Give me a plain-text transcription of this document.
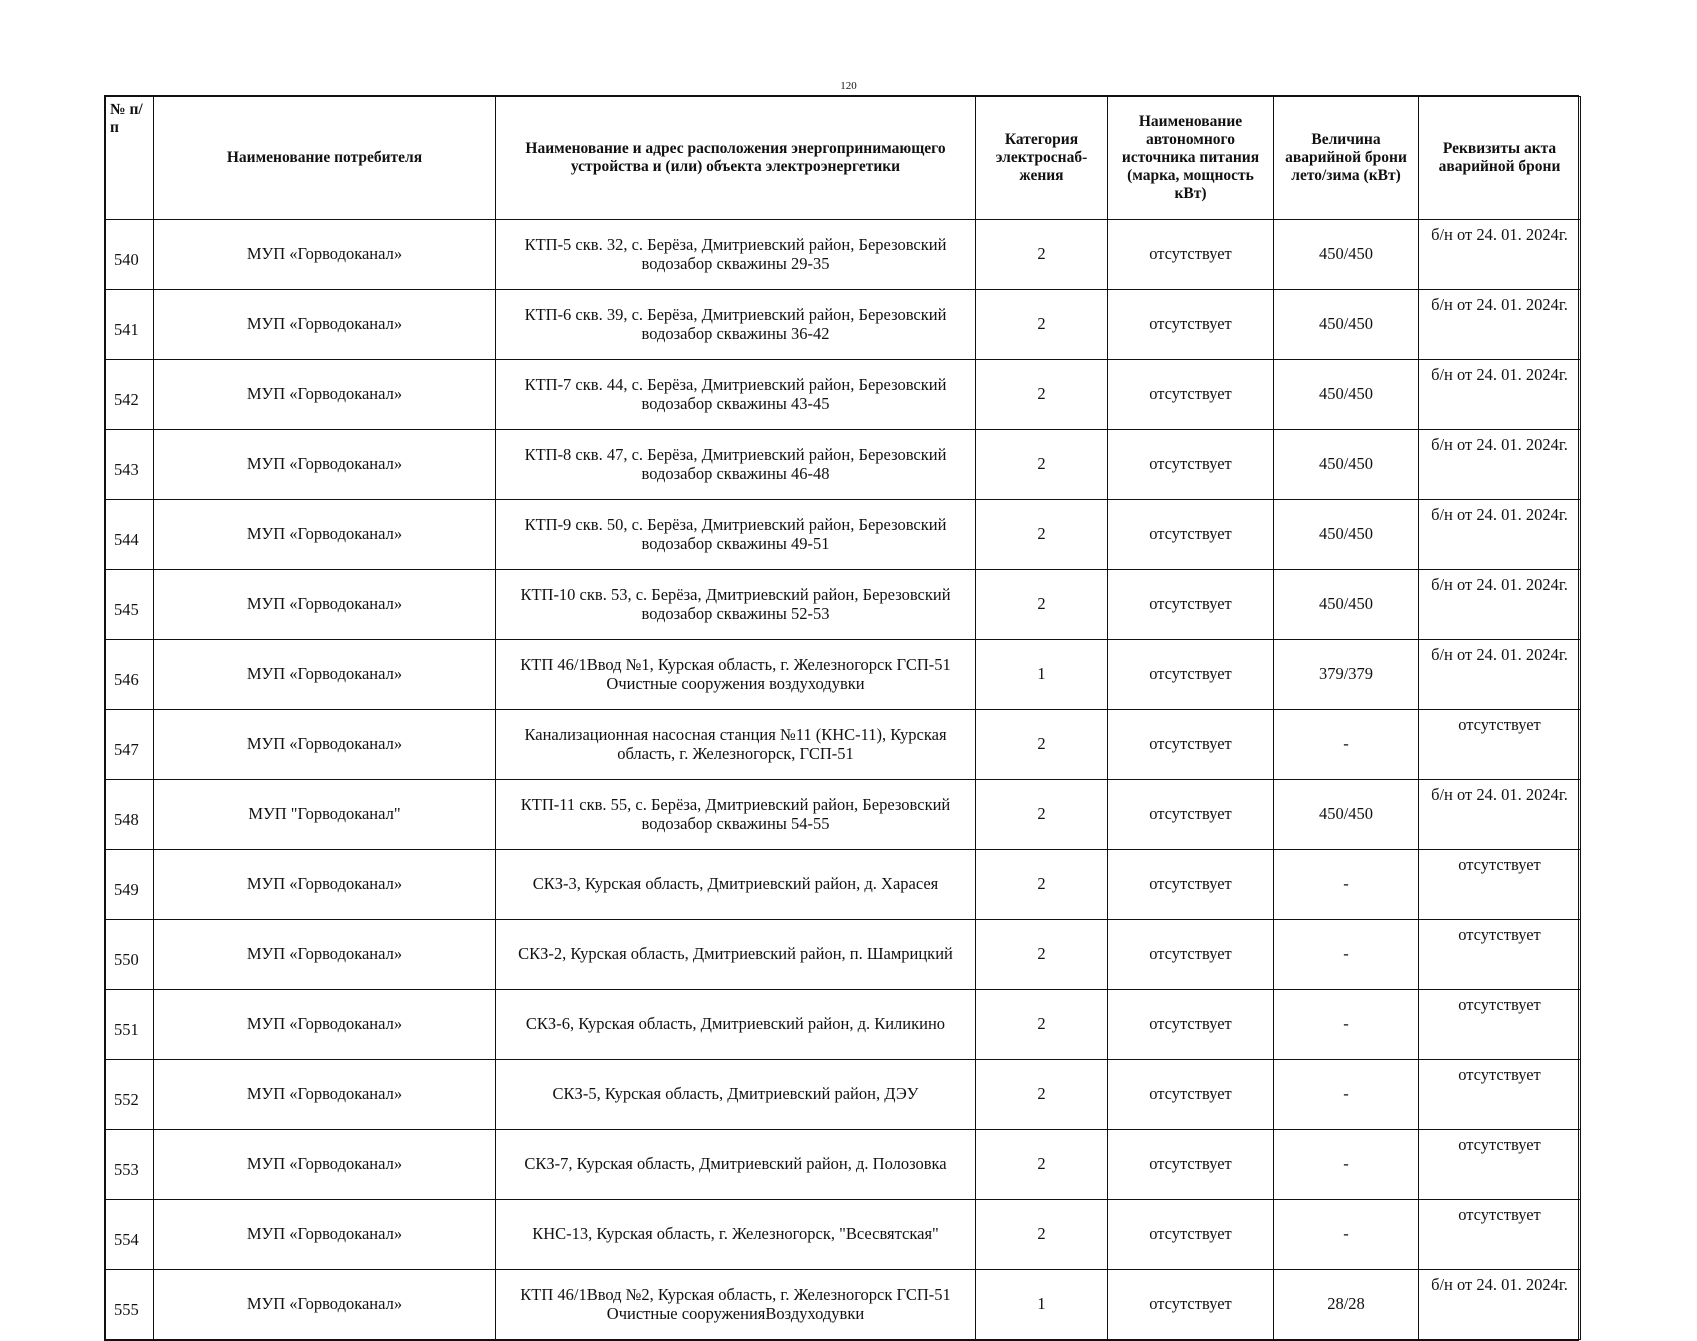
120
№ п/п	Наименование потребителя	Наименование и адрес расположения энергопринимающего устройства и (или) объекта электроэнергетики	Категория электроснаб-жения	Наименование автономного источника питания (марка, мощность кВт)	Величина аварийной брони лето/зима (кВт)	Реквизиты акта аварийной брони
540	МУП «Горводоканал»	КТП-5 скв. 32, с. Берёза, Дмитриевский район, Березовский водозабор скважины 29-35	2	отсутствует	450/450	б/н от 24. 01. 2024г.
541	МУП «Горводоканал»	КТП-6 скв. 39, с. Берёза, Дмитриевский район, Березовский водозабор скважины 36-42	2	отсутствует	450/450	б/н от 24. 01. 2024г.
542	МУП «Горводоканал»	КТП-7 скв. 44, с. Берёза, Дмитриевский район, Березовский водозабор скважины 43-45	2	отсутствует	450/450	б/н от 24. 01. 2024г.
543	МУП «Горводоканал»	КТП-8 скв. 47, с. Берёза, Дмитриевский район, Березовский водозабор скважины 46-48	2	отсутствует	450/450	б/н от 24. 01. 2024г.
544	МУП «Горводоканал»	КТП-9 скв. 50, с. Берёза, Дмитриевский район, Березовский водозабор скважины 49-51	2	отсутствует	450/450	б/н от 24. 01. 2024г.
545	МУП «Горводоканал»	КТП-10 скв. 53, с. Берёза, Дмитриевский район, Березовский водозабор скважины 52-53	2	отсутствует	450/450	б/н от 24. 01. 2024г.
546	МУП «Горводоканал»	КТП 46/1Ввод №1, Курская область, г. Железногорск ГСП-51 Очистные сооружения воздуходувки	1	отсутствует	379/379	б/н от 24. 01. 2024г.
547	МУП «Горводоканал»	Канализационная насосная станция №11 (КНС-11), Курская область, г. Железногорск, ГСП-51	2	отсутствует	-	отсутствует
548	МУП "Горводоканал"	КТП-11 скв. 55, с. Берёза, Дмитриевский район, Березовский водозабор скважины 54-55	2	отсутствует	450/450	б/н от 24. 01. 2024г.
549	МУП «Горводоканал»	СКЗ-3, Курская область, Дмитриевский район, д. Харасея	2	отсутствует	-	отсутствует
550	МУП «Горводоканал»	СКЗ-2, Курская область, Дмитриевский район, п. Шамрицкий	2	отсутствует	-	отсутствует
551	МУП «Горводоканал»	СКЗ-6, Курская область, Дмитриевский район, д. Киликино	2	отсутствует	-	отсутствует
552	МУП «Горводоканал»	СКЗ-5, Курская область, Дмитриевский район, ДЭУ	2	отсутствует	-	отсутствует
553	МУП «Горводоканал»	СКЗ-7, Курская область, Дмитриевский район, д. Полозовка	2	отсутствует	-	отсутствует
554	МУП «Горводоканал»	КНС-13, Курская область, г. Железногорск, "Всесвятская"	2	отсутствует	-	отсутствует
555	МУП «Горводоканал»	КТП 46/1Ввод №2, Курская область, г. Железногорск ГСП-51 Очистные сооруженияВоздуходувки	1	отсутствует	28/28	б/н от 24. 01. 2024г.
